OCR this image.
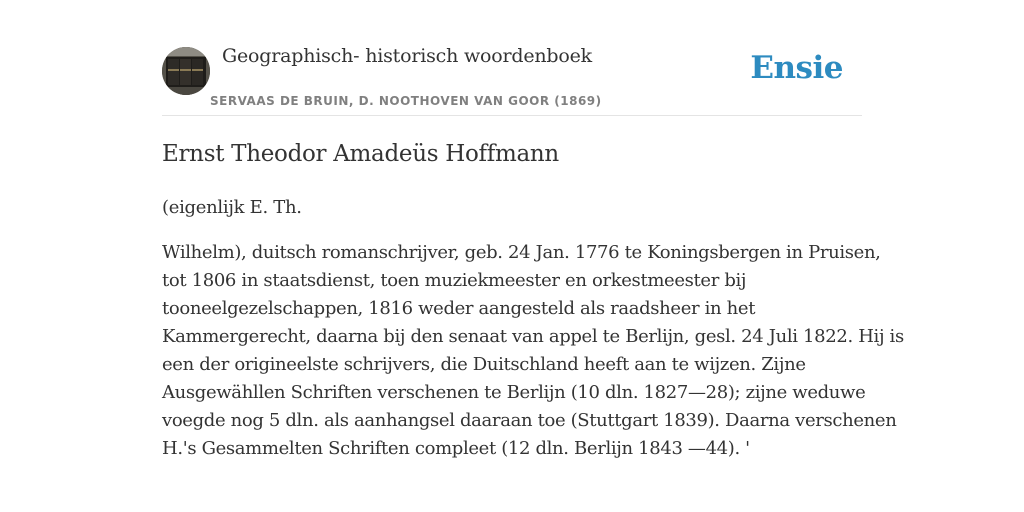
Geographisch- historisch woordenboek
SERVAAS DE BRUIN, D. NOOTHOVEN VAN GOOR (1869)
Ensie
Ernst Theodor Amadeüs Hoffmann

(eigenlijk E. Th.

Wilhelm), duitsch romanschrijver, geb. 24 Jan. 1776 te Koningsbergen in Pruisen,
tot 1806 in staatsdienst, toen muziekmeester en orkestmeester bij
tooneelgezelschappen, 1816 weder aangesteld als raadsheer in het
Kammergerecht, daarna bij den senaat van appel te Berlijn, gesl. 24 Juli 1822. Hij is
een der origineelste schrijvers, die Duitschland heeft aan te wijzen. Zijne
Ausgewähllen Schriften verschenen te Berlijn (10 dln. 1827—28); zijne weduwe
voegde nog 5 dln. als aanhangsel daaraan toe (Stuttgart 1839). Daarna verschenen
H.'s Gesammelten Schriften compleet (12 dln. Berlijn 1843 —44). '
